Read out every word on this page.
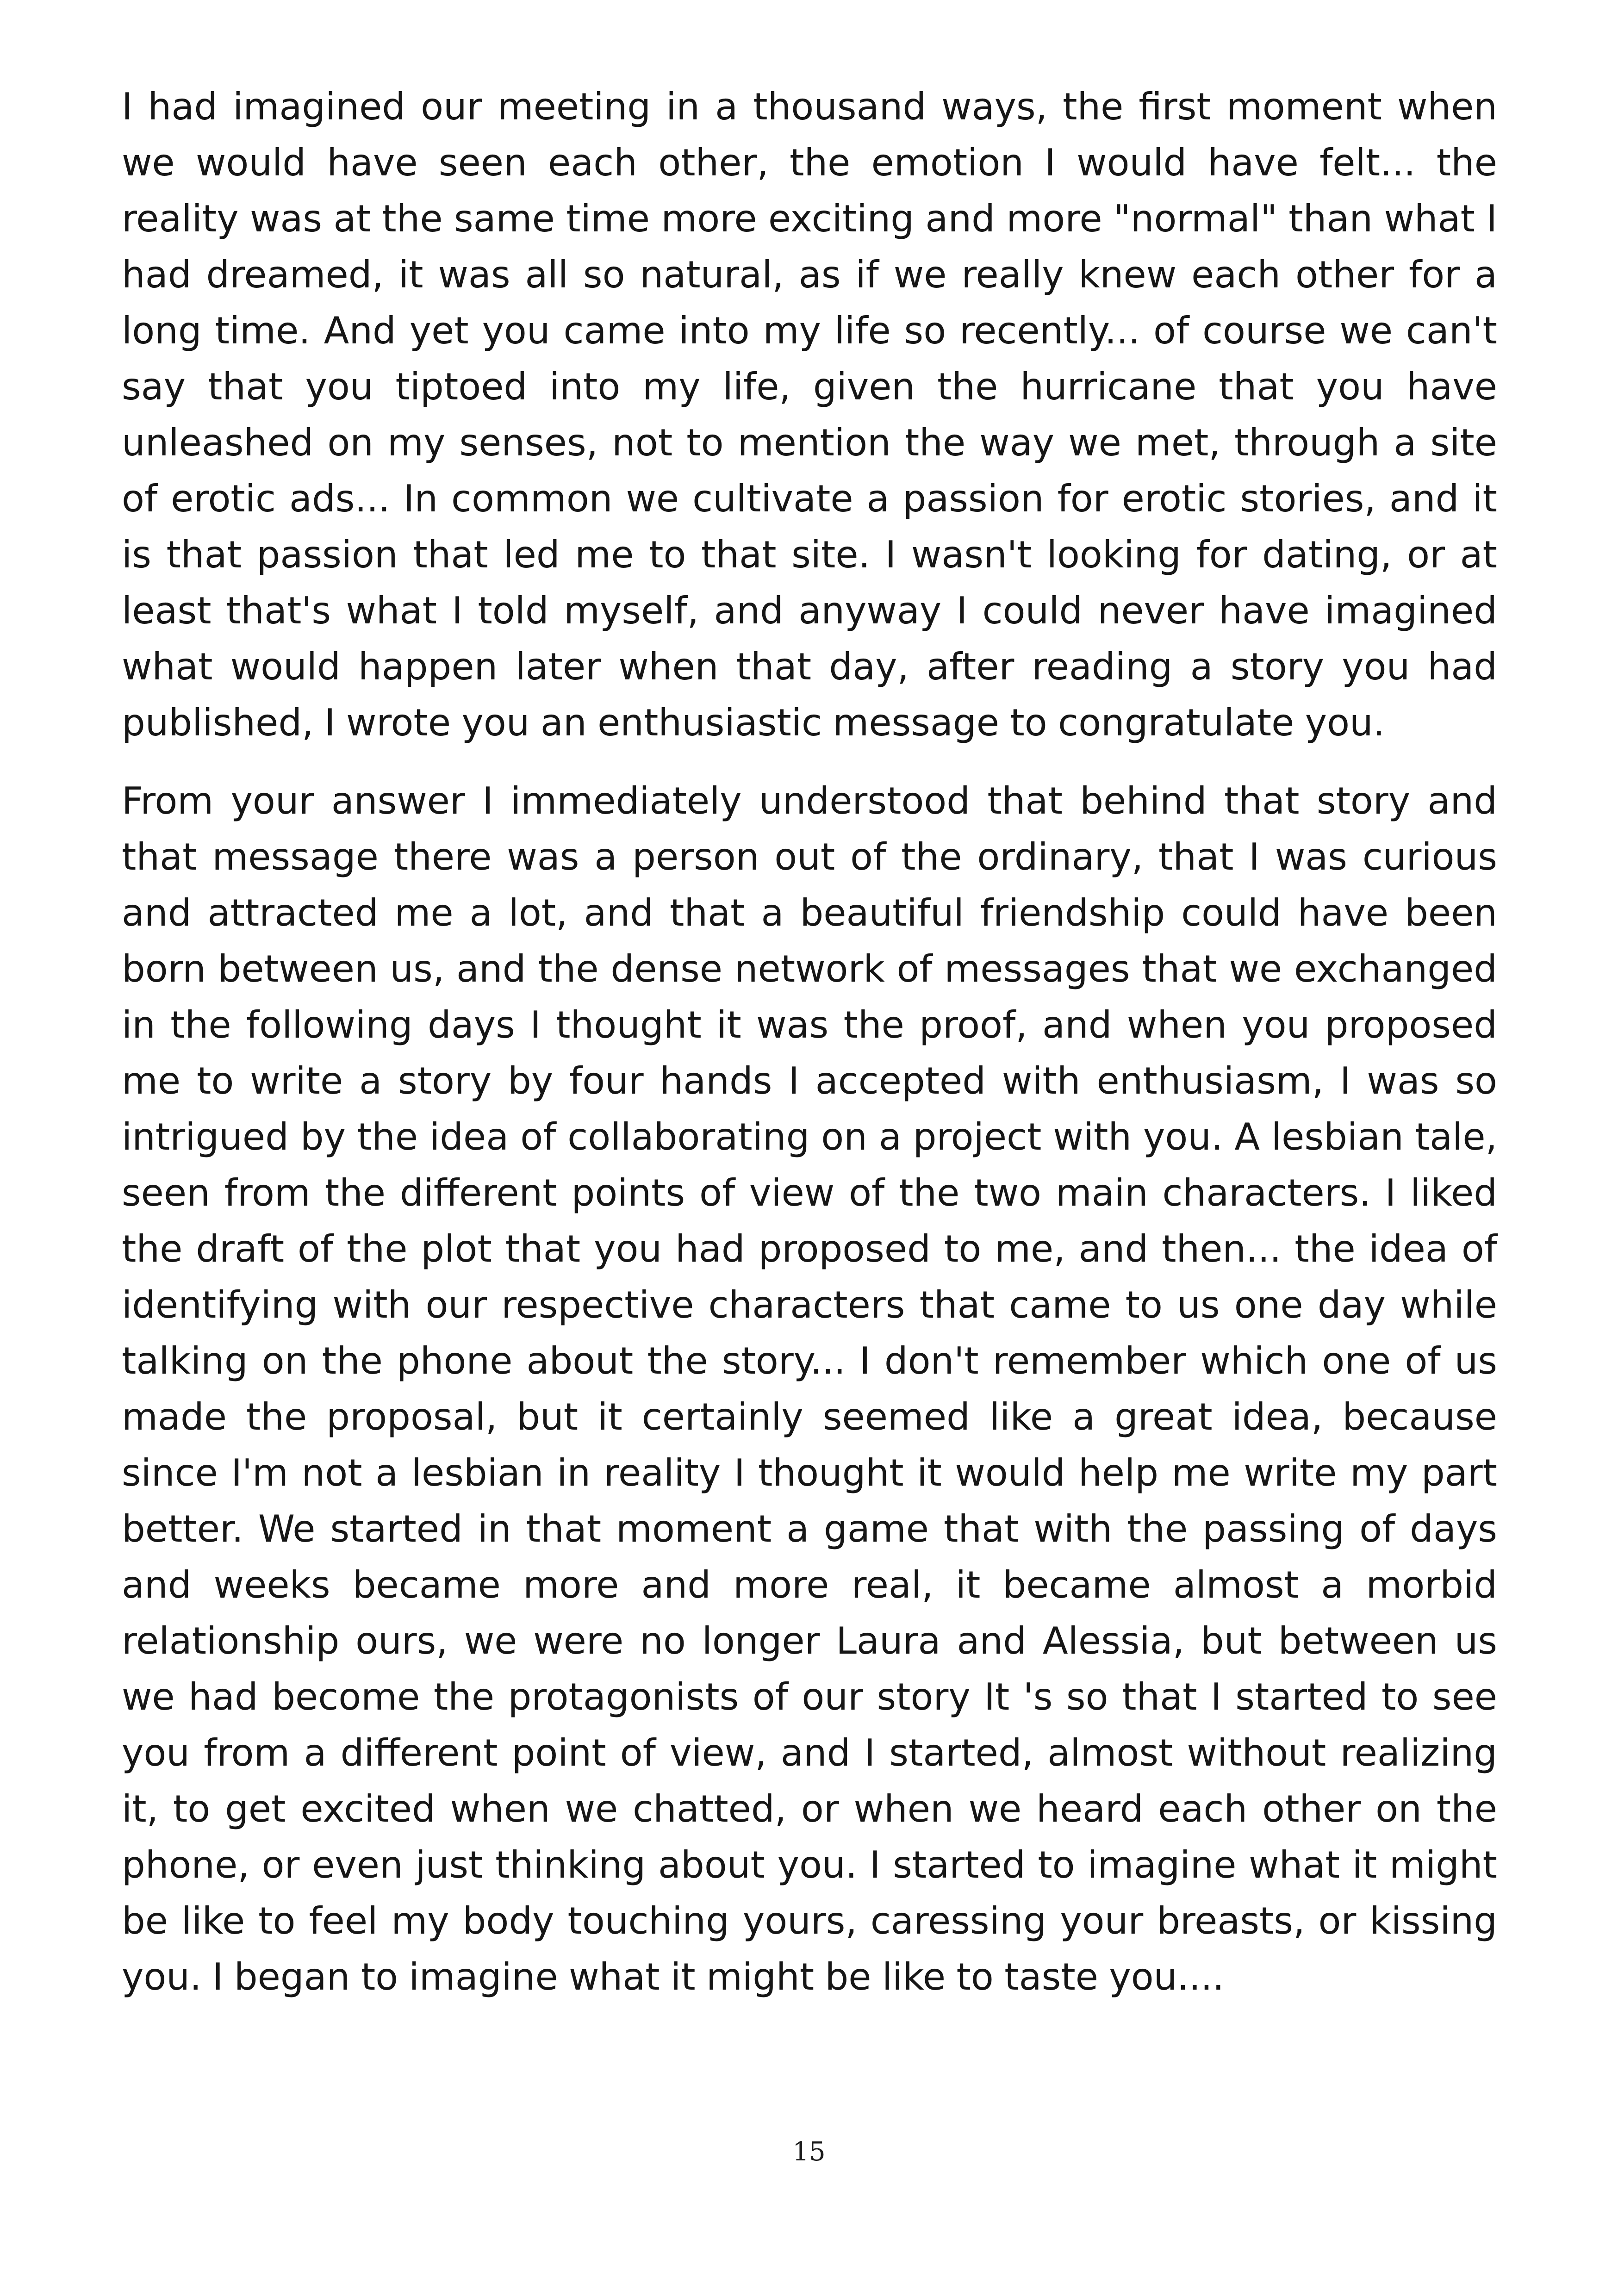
I had imagined our meeting in a thousand ways, the first moment when we would have seen each other, the emotion I would have felt... the reality was at the same time more exciting and more "normal" than what I had dreamed, it was all so natural, as if we really knew each other for a long time. And yet you came into my life so recently... of course we can't say that you tiptoed into my life, given the hurricane that you have unleashed on my senses, not to mention the way we met, through a site of erotic ads... In common we cultivate a passion for erotic stories, and it is that passion that led me to that site. I wasn't looking for dating, or at least that's what I told myself, and anyway I could never have imagined what would happen later when that day, after reading a story you had published, I wrote you an enthusiastic message to congratulate you.

From your answer I immediately understood that behind that story and that message there was a person out of the ordinary, that I was curious and attracted me a lot, and that a beautiful friendship could have been born between us, and the dense network of messages that we exchanged in the following days I thought it was the proof, and when you proposed me to write a story by four hands I accepted with enthusiasm, I was so intrigued by the idea of collaborating on a project with you. A lesbian tale, seen from the different points of view of the two main characters. I liked the draft of the plot that you had proposed to me, and then... the idea of identifying with our respective characters that came to us one day while talking on the phone about the story... I don't remember which one of us made the proposal, but it certainly seemed like a great idea, because since I'm not a lesbian in reality I thought it would help me write my part better. We started in that moment a game that with the passing of days and weeks became more and more real, it became almost a morbid relationship ours, we were no longer Laura and Alessia, but between us we had become the protagonists of our story It 's so that I started to see you from a different point of view, and I started, almost without realizing it, to get excited when we chatted, or when we heard each other on the phone, or even just thinking about you. I started to imagine what it might be like to feel my body touching yours, caressing your breasts, or kissing you. I began to imagine what it might be like to taste you....

15
